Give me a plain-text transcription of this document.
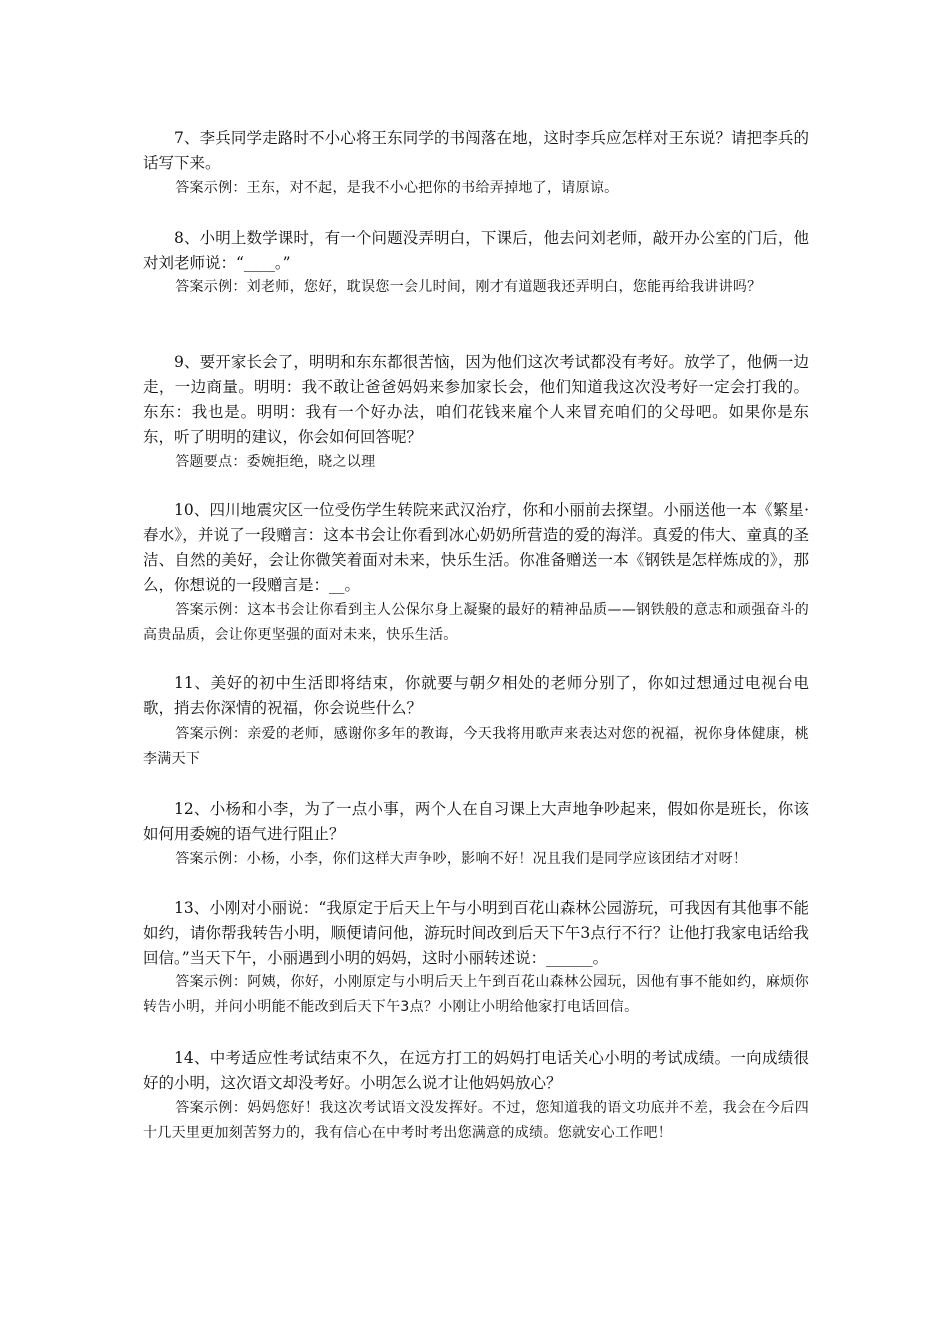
7、李兵同学走路时不小心将王东同学的书闯落在地，这时李兵应怎样对王东说？请把李兵的话写下来。
答案示例：王东，对不起，是我不小心把你的书给弄掉地了，请原谅。
8、小明上数学课时，有一个问题没弄明白，下课后，他去问刘老师，敲开办公室的门后，他对刘老师说：“____。”
答案示例：刘老师，您好，耽误您一会儿时间，刚才有道题我还弄明白，您能再给我讲讲吗？
9、要开家长会了，明明和东东都很苦恼，因为他们这次考试都没有考好。放学了，他俩一边走，一边商量。明明：我不敢让爸爸妈妈来参加家长会，他们知道我这次没考好一定会打我的。东东：我也是。明明：我有一个好办法，咱们花钱来雇个人来冒充咱们的父母吧。如果你是东东，听了明明的建议，你会如何回答呢？
答题要点：委婉拒绝，晓之以理
10、四川地震灾区一位受伤学生转院来武汉治疗，你和小丽前去探望。小丽送他一本《繁星·春水》，并说了一段赠言：这本书会让你看到冰心奶奶所营造的爱的海洋。真爱的伟大、童真的圣洁、自然的美好，会让你微笑着面对未来，快乐生活。你准备赠送一本《钢铁是怎样炼成的》，那么，你想说的一段赠言是：__。
答案示例：这本书会让你看到主人公保尔身上凝聚的最好的精神品质——钢铁般的意志和顽强奋斗的高贵品质，会让你更坚强的面对未来，快乐生活。
11、美好的初中生活即将结束，你就要与朝夕相处的老师分别了，你如过想通过电视台电歌，捎去你深情的祝福，你会说些什么？
答案示例：亲爱的老师，感谢你多年的教诲，今天我将用歌声来表达对您的祝福，祝你身体健康，桃李满天下
12、小杨和小李，为了一点小事，两个人在自习课上大声地争吵起来，假如你是班长，你该如何用委婉的语气进行阻止？
答案示例：小杨，小李，你们这样大声争吵，影响不好！况且我们是同学应该团结才对呀！
13、小刚对小丽说：“我原定于后天上午与小明到百花山森林公园游玩，可我因有其他事不能如约，请你帮我转告小明，顺便请问他，游玩时间改到后天下午3点行不行？让他打我家电话给我回信。”当天下午，小丽遇到小明的妈妈，这时小丽转述说：______。
答案示例：阿姨，你好，小刚原定与小明后天上午到百花山森林公园玩，因他有事不能如约，麻烦你转告小明，并问小明能不能改到后天下午3点？小刚让小明给他家打电话回信。
14、中考适应性考试结束不久，在远方打工的妈妈打电话关心小明的考试成绩。一向成绩很好的小明，这次语文却没考好。小明怎么说才让他妈妈放心？
答案示例：妈妈您好！我这次考试语文没发挥好。不过，您知道我的语文功底并不差，我会在今后四十几天里更加刻苦努力的，我有信心在中考时考出您满意的成绩。您就安心工作吧！
